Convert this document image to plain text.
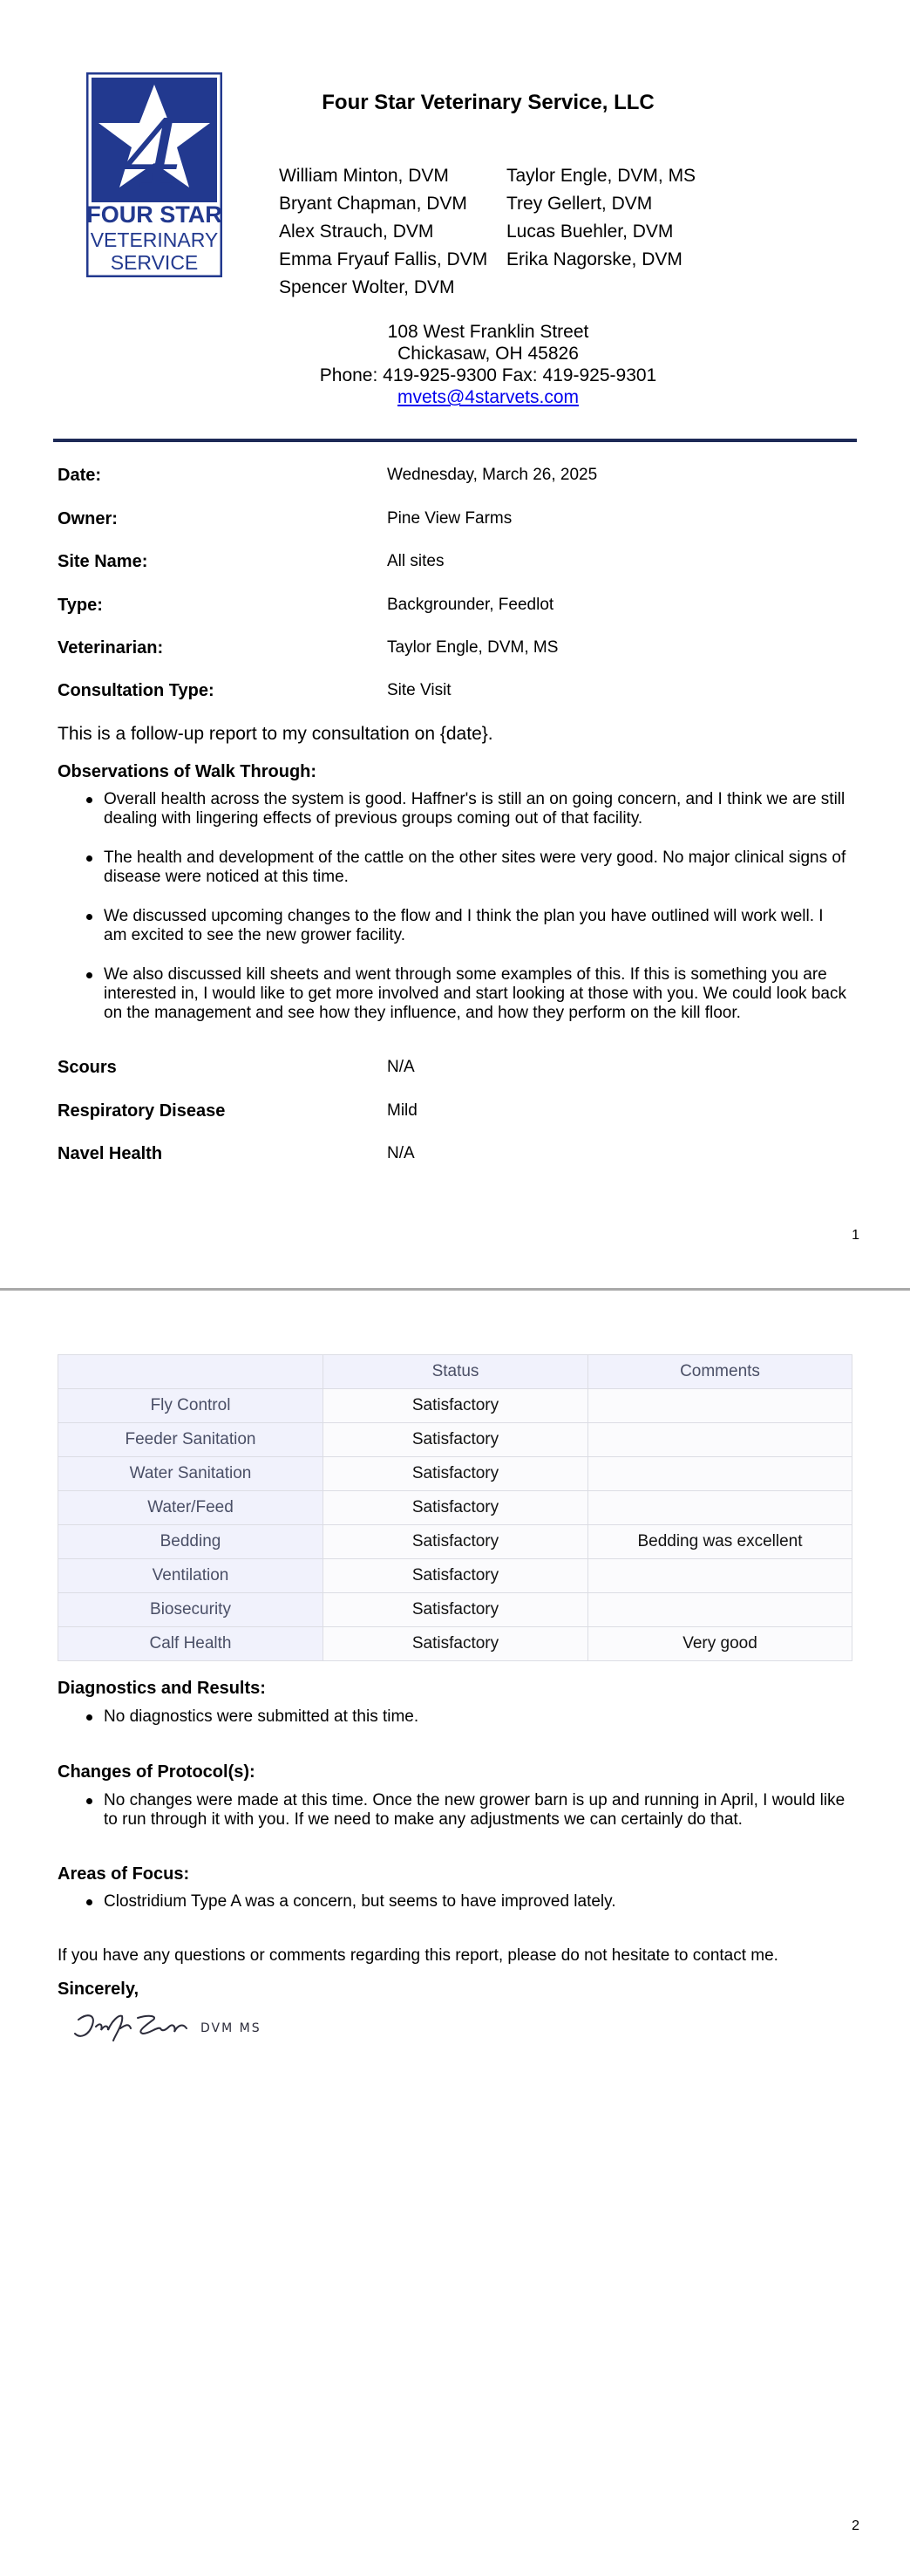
4
FOUR STAR
VETERINARY
SERVICE
Four Star Veterinary Service, LLC
William Minton, DVM
Bryant Chapman, DVM
Alex Strauch, DVM
Emma Fryauf Fallis, DVM
Spencer Wolter, DVM
Taylor Engle, DVM, MS
Trey Gellert, DVM
Lucas Buehler, DVM
Erika Nagorske, DVM
108 West Franklin Street
Chickasaw, OH 45826
Phone: 419-925-9300 Fax: 419-925-9301
mvets@4starvets.com
Date:	Wednesday, March 26, 2025
Owner:	Pine View Farms
Site Name:	All sites
Type:	Backgrounder, Feedlot
Veterinarian:	Taylor Engle, DVM, MS
Consultation Type:	Site Visit
This is a follow-up report to my consultation on {date}.
Observations of Walk Through:
Overall health across the system is good. Haffner's is still an on going concern, and I think we are still dealing with lingering effects of previous groups coming out of that facility.
The health and development of the cattle on the other sites were very good. No major clinical signs of disease were noticed at this time.
We discussed upcoming changes to the flow and I think the plan you have outlined will work well. I am excited to see the new grower facility.
We also discussed kill sheets and went through some examples of this. If this is something you are interested in, I would like to get more involved and start looking at those with you. We could look back on the management and see how they influence, and how they perform on the kill floor.
Scours	N/A
Respiratory Disease	Mild
Navel Health	N/A
1
2
	Status	Comments
Fly Control	Satisfactory	
Feeder Sanitation	Satisfactory	
Water Sanitation	Satisfactory	
Water/Feed	Satisfactory	
Bedding	Satisfactory	Bedding was excellent
Ventilation	Satisfactory	
Biosecurity	Satisfactory	
Calf Health	Satisfactory	Very good
Diagnostics and Results:
No diagnostics were submitted at this time.
Changes of Protocol(s):
No changes were made at this time. Once the new grower barn is up and running in April, I would like to run through it with you. If we need to make any adjustments we can certainly do that.
Areas of Focus:
Clostridium Type A was a concern, but seems to have improved lately.
If you have any questions or comments regarding this report, please do not hesitate to contact me.
Sincerely,
DVM MS
